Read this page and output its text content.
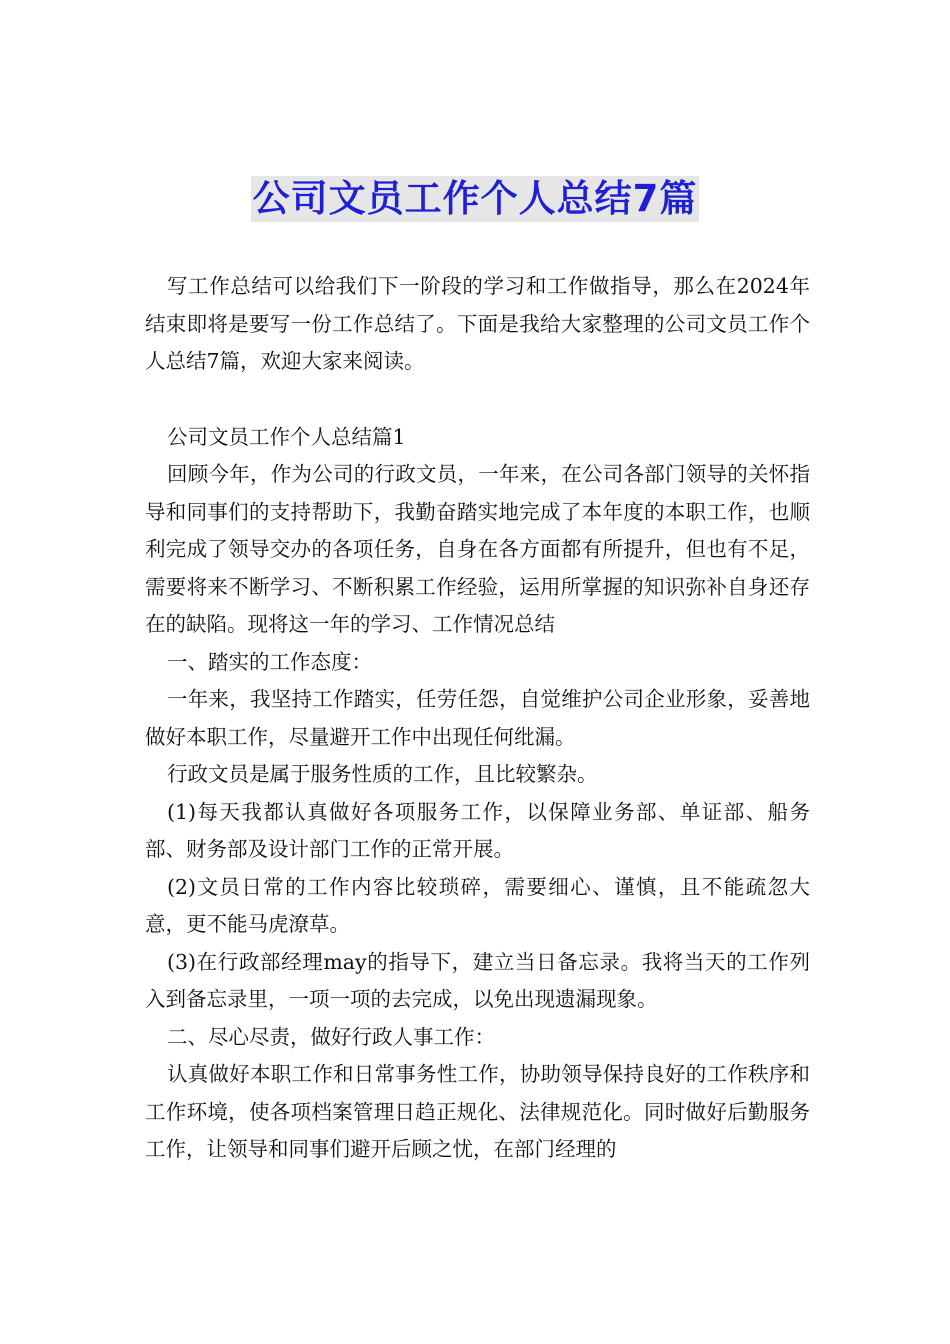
公司文员工作个人总结7篇

写工作总结可以给我们下一阶段的学习和工作做指导，那么在2024年结束即将是要写一份工作总结了。下面是我给大家整理的公司文员工作个人总结7篇，欢迎大家来阅读。

公司文员工作个人总结篇1

回顾今年，作为公司的行政文员，一年来，在公司各部门领导的关怀指导和同事们的支持帮助下，我勤奋踏实地完成了本年度的本职工作，也顺利完成了领导交办的各项任务，自身在各方面都有所提升，但也有不足，需要将来不断学习、不断积累工作经验，运用所掌握的知识弥补自身还存在的缺陷。现将这一年的学习、工作情况总结

一、踏实的工作态度：

一年来，我坚持工作踏实，任劳任怨，自觉维护公司企业形象，妥善地做好本职工作，尽量避开工作中出现任何纰漏。

行政文员是属于服务性质的工作，且比较繁杂。

(1)每天我都认真做好各项服务工作，以保障业务部、单证部、船务部、财务部及设计部门工作的正常开展。

(2)文员日常的工作内容比较琐碎，需要细心、谨慎，且不能疏忽大意，更不能马虎潦草。

(3)在行政部经理may的指导下，建立当日备忘录。我将当天的工作列入到备忘录里，一项一项的去完成，以免出现遗漏现象。

二、尽心尽责，做好行政人事工作：

认真做好本职工作和日常事务性工作，协助领导保持良好的工作秩序和工作环境，使各项档案管理日趋正规化、法律规范化。同时做好后勤服务工作，让领导和同事们避开后顾之忧，在部门经理的
